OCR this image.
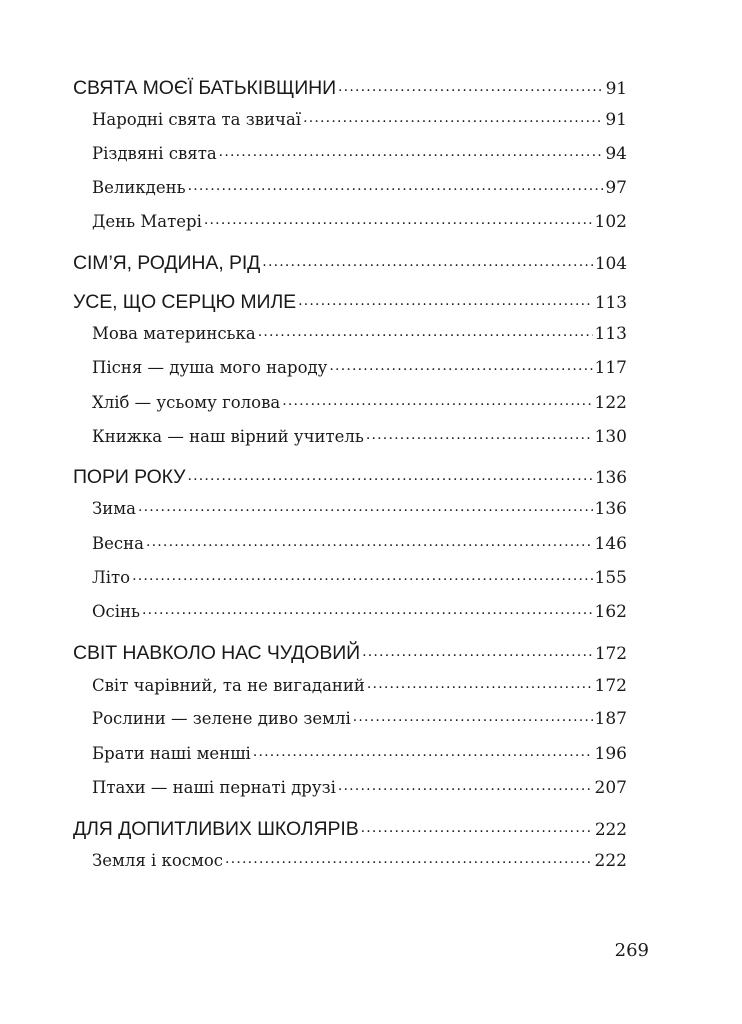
СВЯТА МОЄЇ БАТЬКІВЩИНИ .....	91
Народні свята та звичаї .....	91
Різдвяні свята .....	94
Великдень .....	97
День Матері .....	102
СІМ’Я, РОДИНА, РІД .....	104
УСЕ, ЩО СЕРЦЮ МИЛЕ .....	113
Мова материнська .....	113
Пісня — душа мого народу .....	117
Хліб — усьому голова .....	122
Книжка — наш вірний учитель .....	130
ПОРИ РОКУ .....	136
Зима .....	136
Весна .....	146
Літо .....	155
Осінь .....	162
СВІТ НАВКОЛО НАС ЧУДОВИЙ .....	172
Світ чарівний, та не вигаданий .....	172
Рослини — зелене диво землі .....	187
Брати наші менші .....	196
Птахи — наші пернаті друзі .....	207
ДЛЯ ДОПИТЛИВИХ ШКОЛЯРІВ .....	222
Земля і космос .....	222
269
